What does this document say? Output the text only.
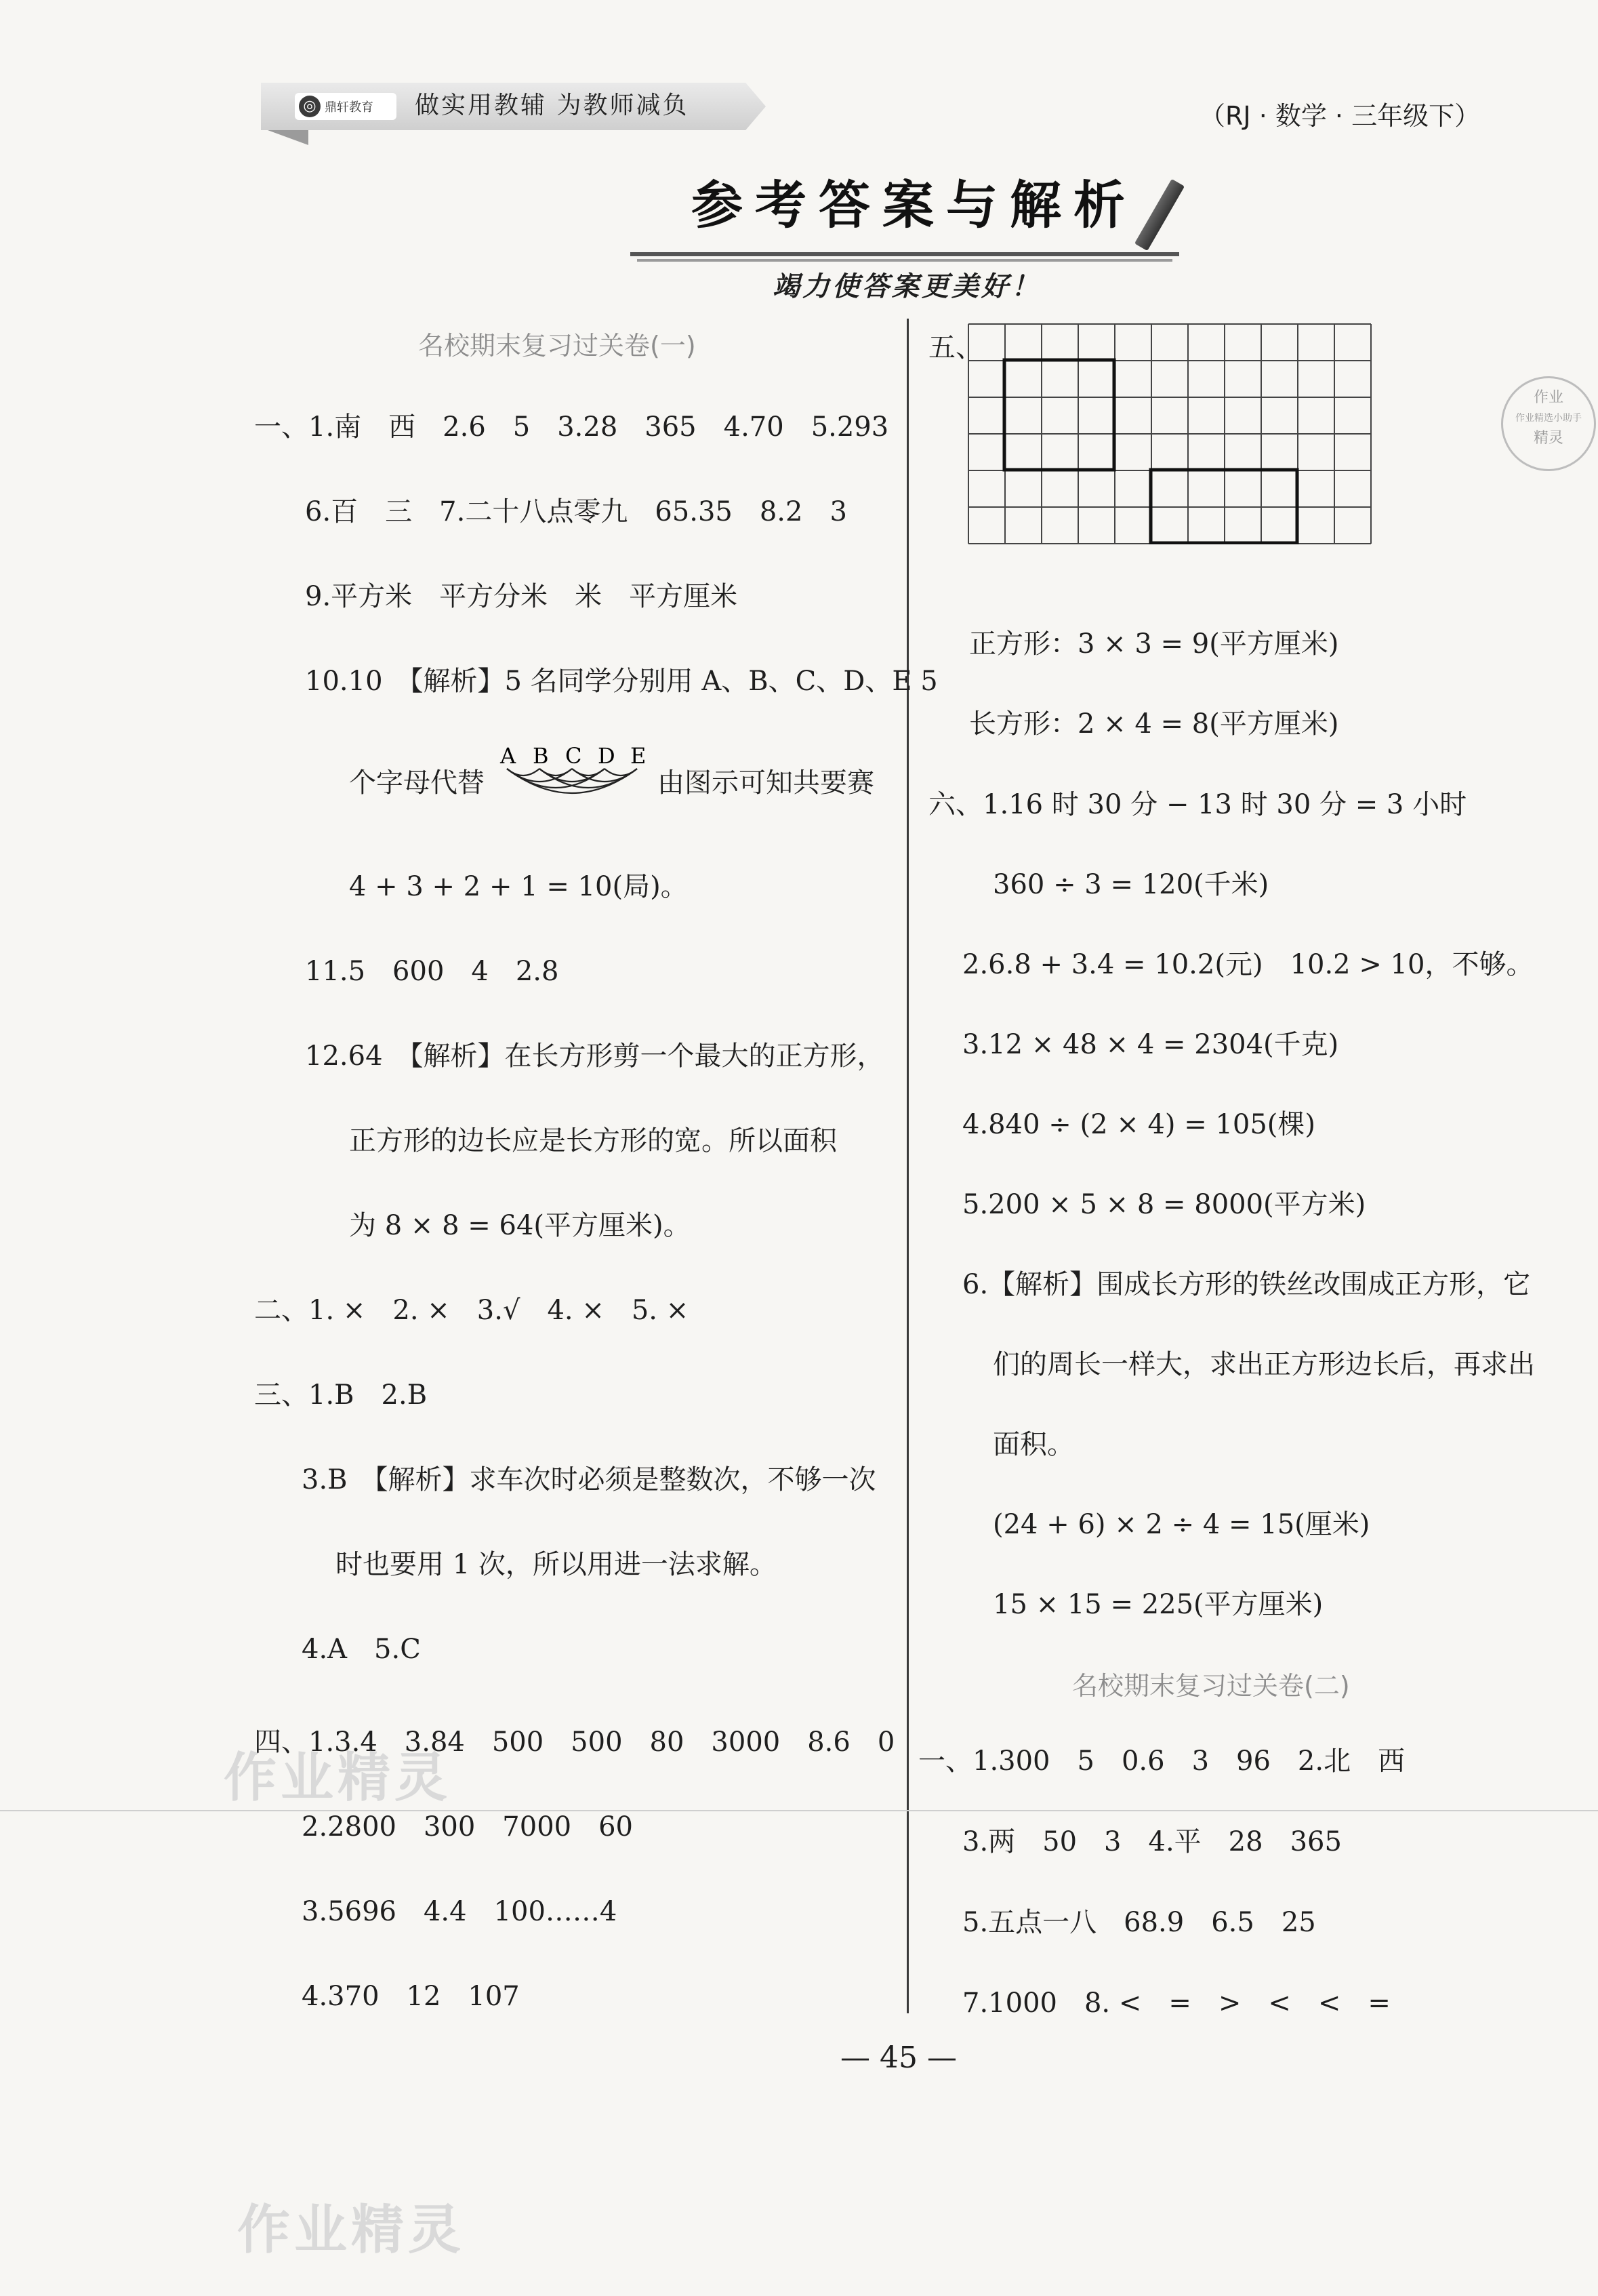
◎ 鼎轩教育 做实用教辅 为教师减负	（RJ · 数学 · 三年级下）
参考答案与解析
竭力使答案更美好！
作业
作业精选小助手
精灵
名校期末复习过关卷(一)
一、1.南　西　2.6　5　3.28　365　4.70　5.293
6.百　三　7.二十八点零九　65.35　8.2　3
9.平方米　平方分米　米　平方厘米
10.10　【解析】5 名同学分别用 A、B、C、D、E 5
个字母代替
A B C D E
由图示可知共要赛
4 + 3 + 2 + 1 = 10(局)。
11.5　600　4　2.8
12.64　【解析】在长方形剪一个最大的正方形，
正方形的边长应是长方形的宽。所以面积
为 8 × 8 = 64(平方厘米)。
二、1. ×　2. ×　3.√　4. ×　5. ×
三、1.B　2.B
3.B　【解析】求车次时必须是整数次，不够一次
时也要用 1 次，所以用进一法求解。
4.A　5.C
四、1.3.4　3.84　500　500　80　3000　8.6　0
2.2800　300　7000　60
3.5696　4.4　100……4
4.370　12　107
五、
正方形：3 × 3 = 9(平方厘米)
长方形：2 × 4 = 8(平方厘米)
六、1.16 时 30 分 − 13 时 30 分 = 3 小时
360 ÷ 3 = 120(千米)
2.6.8 + 3.4 = 10.2(元)　10.2 > 10，不够。
3.12 × 48 × 4 = 2304(千克)
4.840 ÷ (2 × 4) = 105(棵)
5.200 × 5 × 8 = 8000(平方米)
6.【解析】围成长方形的铁丝改围成正方形，它
们的周长一样大，求出正方形边长后，再求出
面积。
(24 + 6) × 2 ÷ 4 = 15(厘米)
15 × 15 = 225(平方厘米)
名校期末复习过关卷(二)
一、1.300　5　0.6　3　96　2.北　西
3.两　50　3　4.平　28　365
5.五点一八　68.9　6.5　25
7.1000　8. <　=　>　<　<　=
— 45 —
作业精灵
作业精灵
